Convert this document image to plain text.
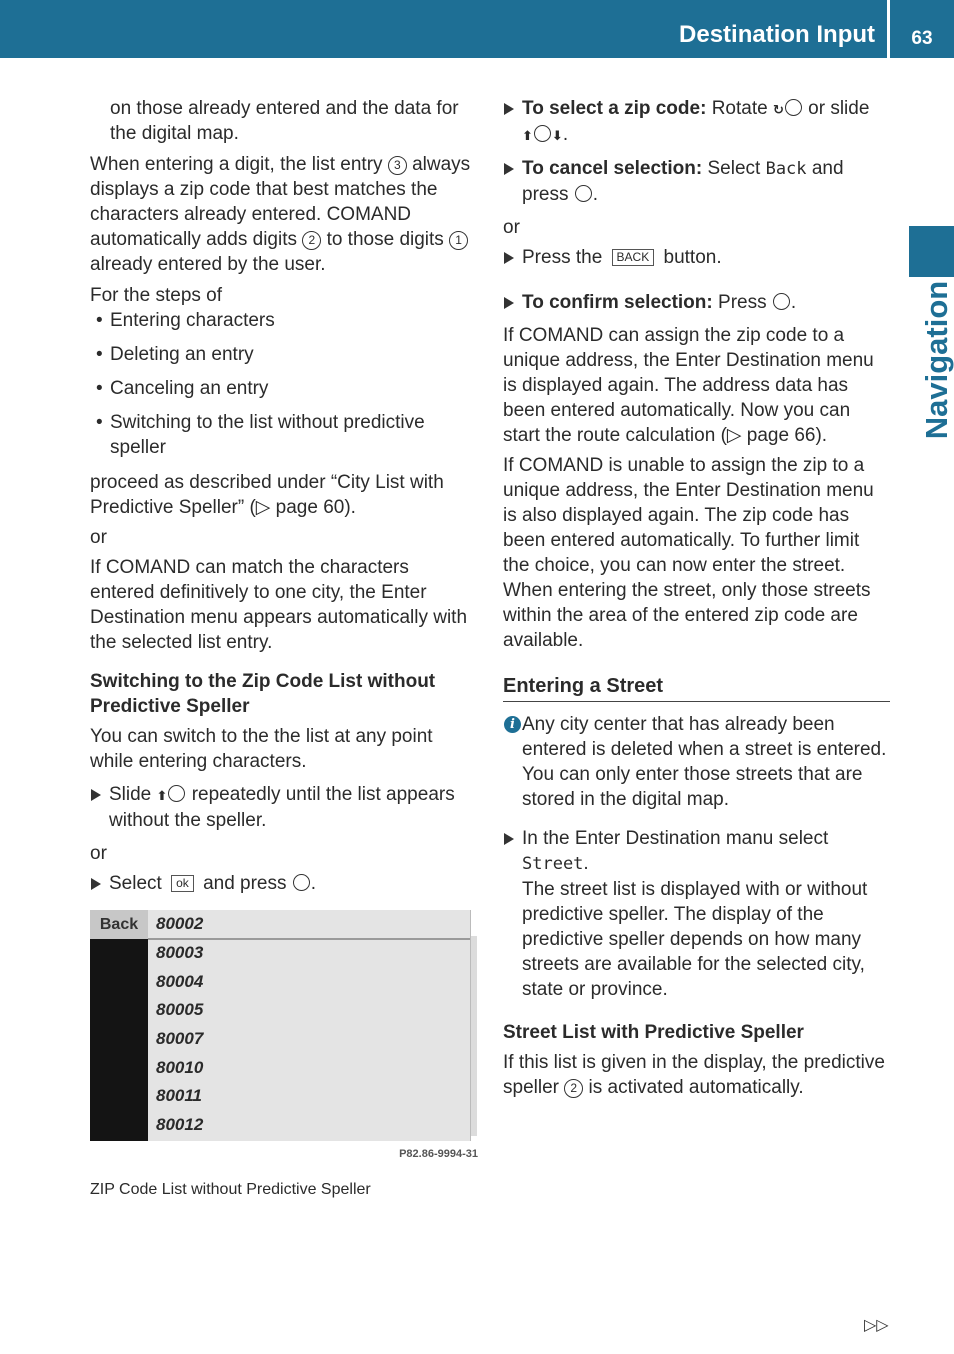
Destination Input	63
Navigation

on those already entered and the data for the digital map.

When entering a digit, the list entry 3 always displays a zip code that best matches the characters already entered. COMAND automatically adds digits 2 to those digits 1 already entered by the user.

For the steps of

• Entering characters
• Deleting an entry
• Canceling an entry
• Switching to the list without predictive speller

proceed as described under “City List with Predictive Speller” (▷ page 60).

or

If COMAND can match the characters entered definitively to one city, the Enter Destination menu appears automatically with the selected list entry.

Switching to the Zip Code List without Predictive Speller

You can switch to the the list at any point while entering characters.

Slide ⬆ repeatedly until the list appears without the speller.

or

Select ok and press .
Back	80002
80003
80004
80005
80007
80010
80011
80012
P82.86-9994-31
ZIP Code List without Predictive Speller
To select a zip code: Rotate ↻ or slide
⬆ ⬇.
To cancel selection: Select Back and press .

or

Press the BACK button.
To confirm selection: Press .

If COMAND can assign the zip code to a unique address, the Enter Destination menu is displayed again. The address data has been entered automatically. Now you can start the route calculation (▷ page 66).

If COMAND is unable to assign the zip to a unique address, the Enter Destination menu is also displayed again. The zip code has been entered automatically. To further limit the choice, you can now enter the street. When entering the street, only those streets within the area of the entered zip code are available.

Entering a Street

i Any city center that has already been entered is deleted when a street is entered. You can only enter those streets that are stored in the digital map.
In the Enter Destination manu select
Street.
The street list is displayed with or without predictive speller. The display of the predictive speller depends on how many streets are available for the selected city, state or province.

Street List with Predictive Speller

If this list is given in the display, the predictive speller 2 is activated automatically.

▷▷
